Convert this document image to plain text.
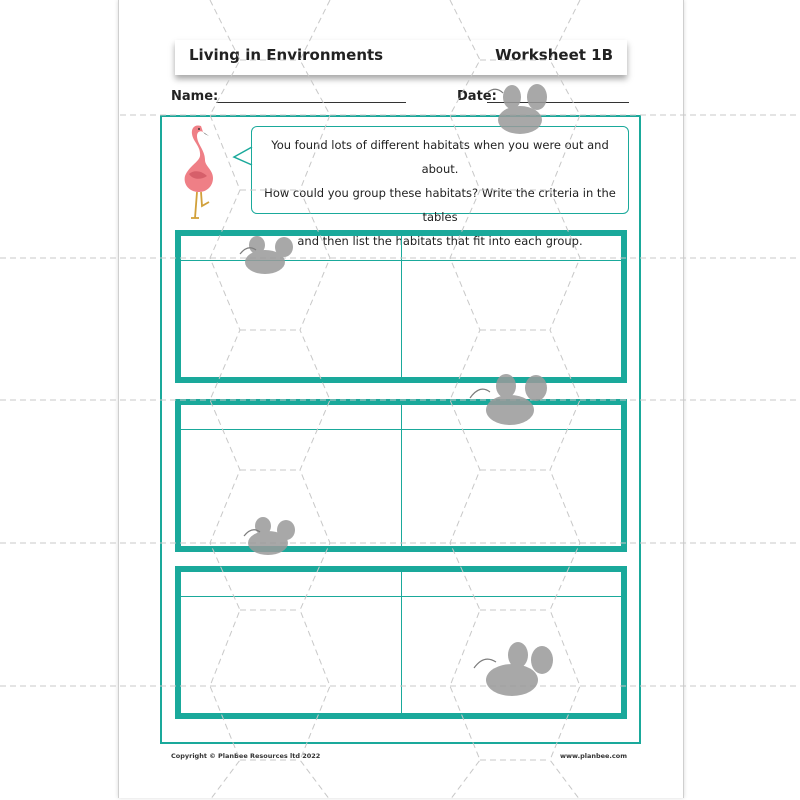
Living in Environments	Worksheet 1B
Name:	Date:
You found lots of different habitats when you were out and about.
How could you group these habitats? Write the criteria in the tables
and then list the habitats that fit into each group.
Copyright © PlanBee Resources ltd 2022	www.planbee.com
